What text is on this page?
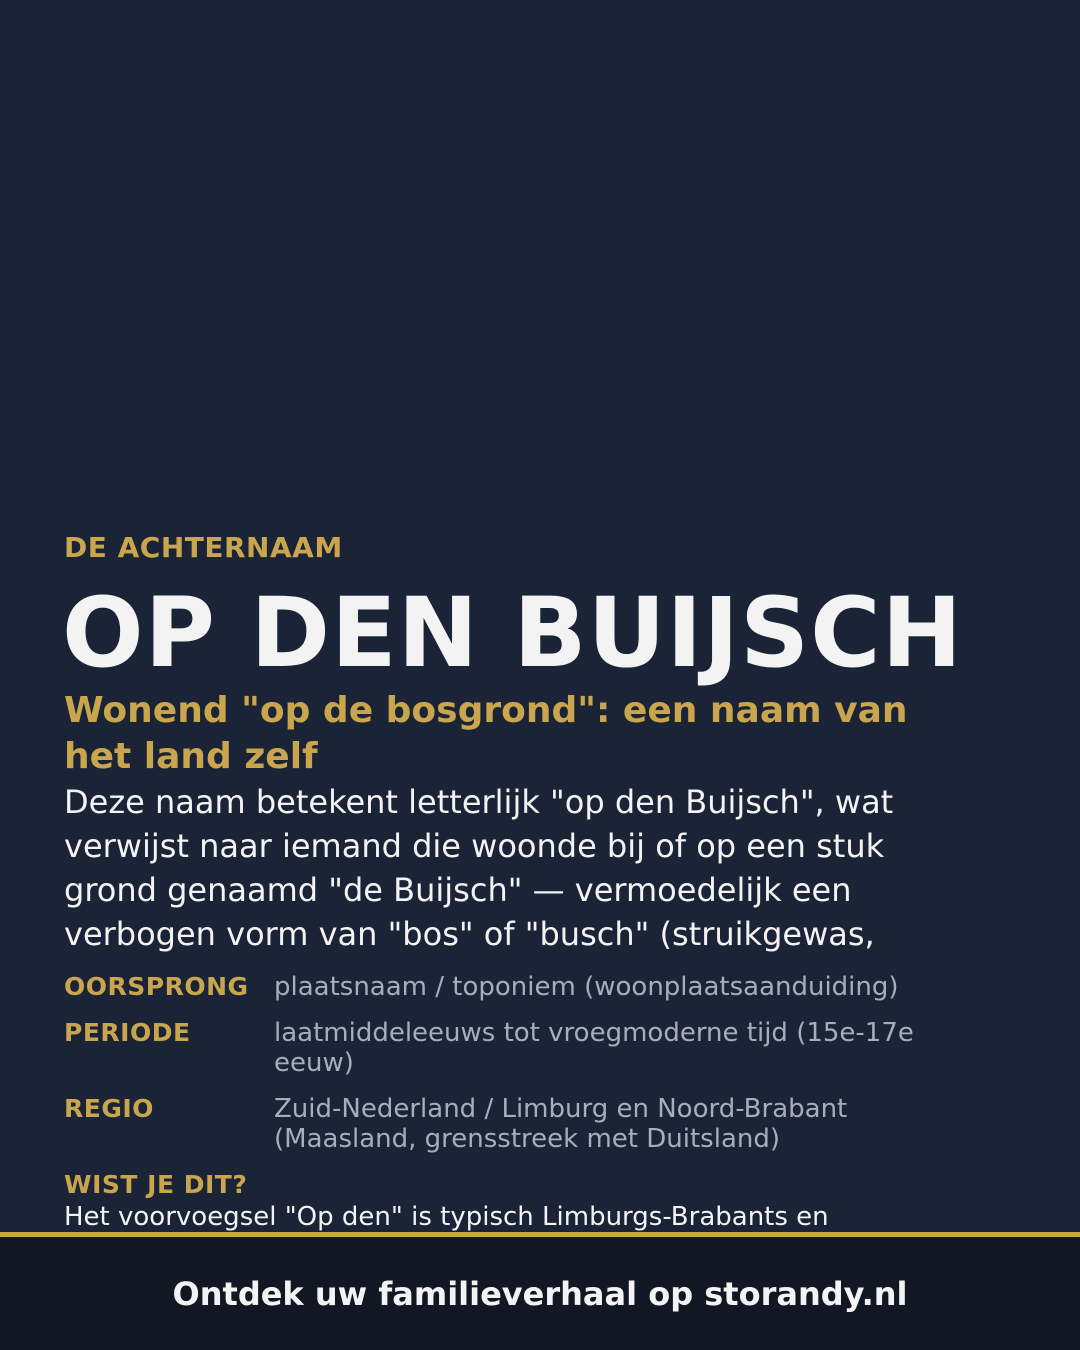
DE ACHTERNAAM

OP DEN BUIJSCH
Wonend "op de bosgrond": een naam van het land zelf

Deze naam betekent letterlijk "op den Buijsch", wat verwijst naar iemand die woonde bij of op een stuk grond genaamd "de Buijsch" — vermoedelijk een verbogen vorm van "bos" of "busch" (struikgewas,

OORSPRONG plaatsnaam / toponiem (woonplaatsaanduiding)
PERIODE	laatmiddeleeuws tot vroegmoderne tijd (15e-17e eeuw)
REGIO	Zuid-Nederland / Limburg en Noord-Brabant (Maasland, grensstreek met Duitsland)
WIST JE DIT?
Het voorvoegsel "Op den" is typisch Limburgs-Brabants en
Ontdek uw familieverhaal op storandy.nl
